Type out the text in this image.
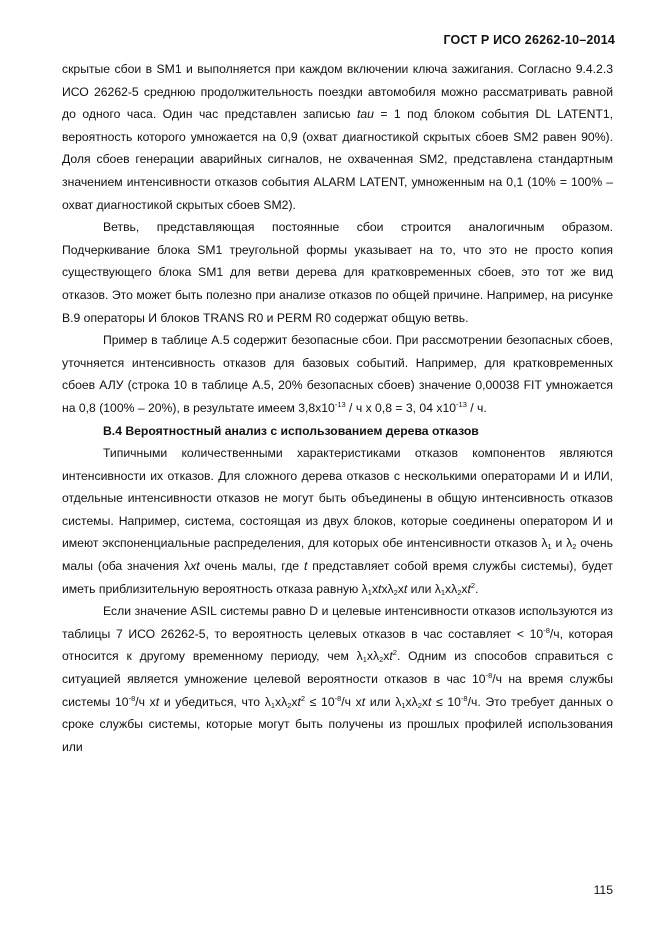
ГОСТ Р ИСО 26262-10–2014

скрытые сбои в SM1 и выполняется при каждом включении ключа зажигания. Согласно 9.4.2.3 ИСО 26262-5 среднюю продолжительность поездки автомобиля можно рассматривать равной до одного часа. Один час представлен записью tau = 1 под блоком события DL LATENT1, вероятность которого умножается на 0,9 (охват диагностикой скрытых сбоев SM2 равен 90%). Доля сбоев генерации аварийных сигналов, не охваченная SM2, представлена стандартным значением интенсивности отказов события ALARM LATENT, умноженным на 0,1 (10% = 100% – охват диагностикой скрытых сбоев SM2).

Ветвь, представляющая постоянные сбои строится аналогичным образом. Подчеркивание блока SM1 треугольной формы указывает на то, что это не просто копия существующего блока SM1 для ветви дерева для кратковременных сбоев, это тот же вид отказов. Это может быть полезно при анализе отказов по общей причине. Например, на рисунке В.9 операторы И блоков TRANS R0 и PERM R0 содержат общую ветвь.

Пример в таблице А.5 содержит безопасные сбои. При рассмотрении безопасных сбоев, уточняется интенсивность отказов для базовых событий. Например, для кратковременных сбоев АЛУ (строка 10 в таблице А.5, 20% безопасных сбоев) значение 0,00038 FIT умножается на 0,8 (100% – 20%), в результате имеем $3,8x10^{-13}$ / ч x 0,8 = 3, 04 $x10^{-13}$ / ч.

В.4 Вероятностный анализ с использованием дерева отказов

Типичными количественными характеристиками отказов компонентов являются интенсивности их отказов. Для сложного дерева отказов с несколькими операторами И и ИЛИ, отдельные интенсивности отказов не могут быть объединены в общую интенсивность отказов системы. Например, система, состоящая из двух блоков, которые соединены оператором И и имеют экспоненциальные распределения, для которых обе интенсивности отказов $\lambda_1$ и $\lambda_2$ очень малы (оба значения λxt очень малы, где t представляет собой время службы системы), будет иметь приблизительную вероятность отказа равную $\lambda_1xtx\lambda_2xt$ или $\lambda_1x\lambda_2xt^2$.

Если значение ASIL системы равно D и целевые интенсивности отказов используются из таблицы 7 ИСО 26262-5, то вероятность целевых отказов в час составляет < $10^{-8}/ч$, которая относится к другому временному периоду, чем $\lambda_1x\lambda_2xt^2$. Одним из способов справиться с ситуацией является умножение целевой вероятности отказов в час $10^{-8}/ч$ на время службы системы $10^{-8}/ч$ xt и убедиться, что $\lambda_1x\lambda_2xt^2 \le 10^{-8}/ч$ xt или $\lambda_1x\lambda_2xt \le 10^{-8}/ч$. Это требует данных о сроке службы системы, которые могут быть получены из прошлых профилей использования или

115
